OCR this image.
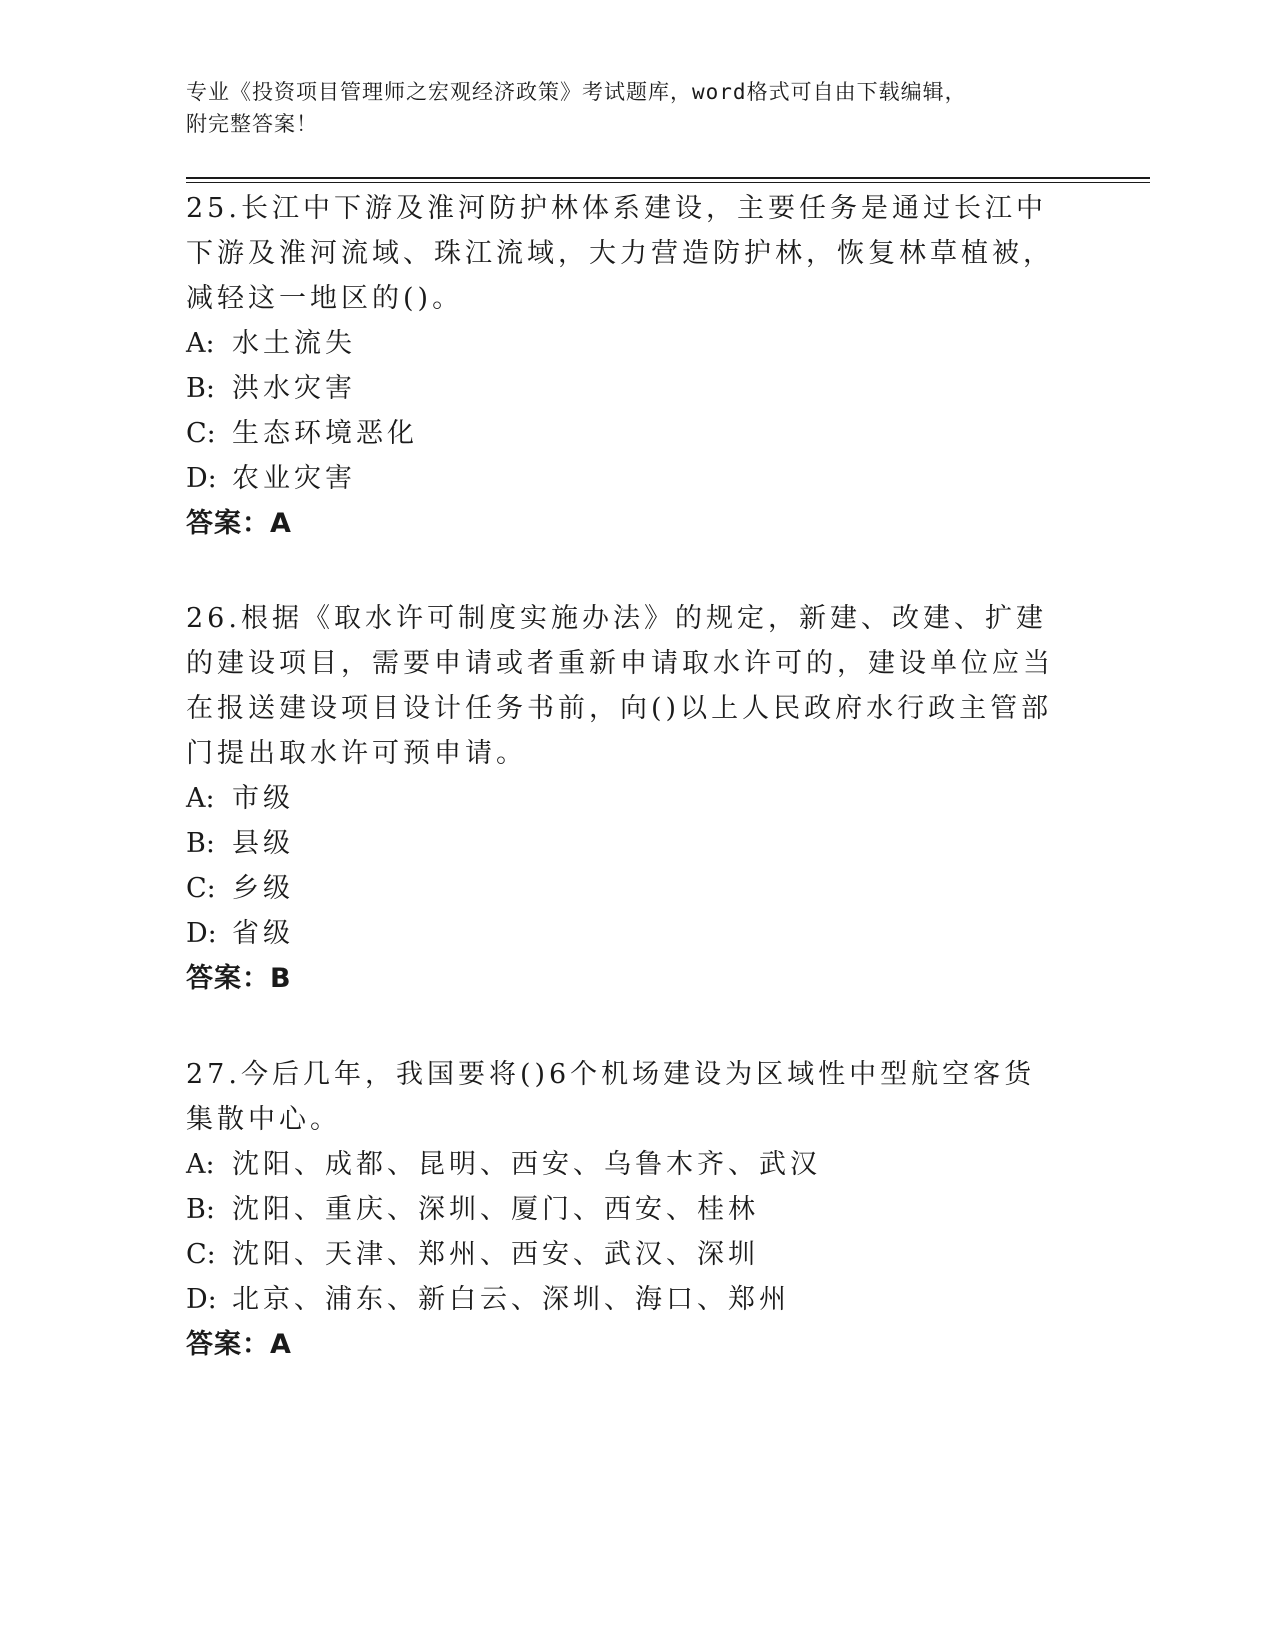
专业《投资项目管理师之宏观经济政策》考试题库，word格式可自由下载编辑，
附完整答案！

25.长江中下游及淮河防护林体系建设，主要任务是通过长江中下游及淮河流域、珠江流域，大力营造防护林，恢复林草植被，减轻这一地区的()。

A: 水土流失

B: 洪水灾害

C: 生态环境恶化

D: 农业灾害

答案：A

26.根据《取水许可制度实施办法》的规定，新建、改建、扩建的建设项目，需要申请或者重新申请取水许可的，建设单位应当在报送建设项目设计任务书前，向()以上人民政府水行政主管部门提出取水许可预申请。

A: 市级

B: 县级

C: 乡级

D: 省级

答案：B

27.今后几年，我国要将()6个机场建设为区域性中型航空客货集散中心。

A: 沈阳、成都、昆明、西安、乌鲁木齐、武汉

B: 沈阳、重庆、深圳、厦门、西安、桂林

C: 沈阳、天津、郑州、西安、武汉、深圳

D: 北京、浦东、新白云、深圳、海口、郑州

答案：A
